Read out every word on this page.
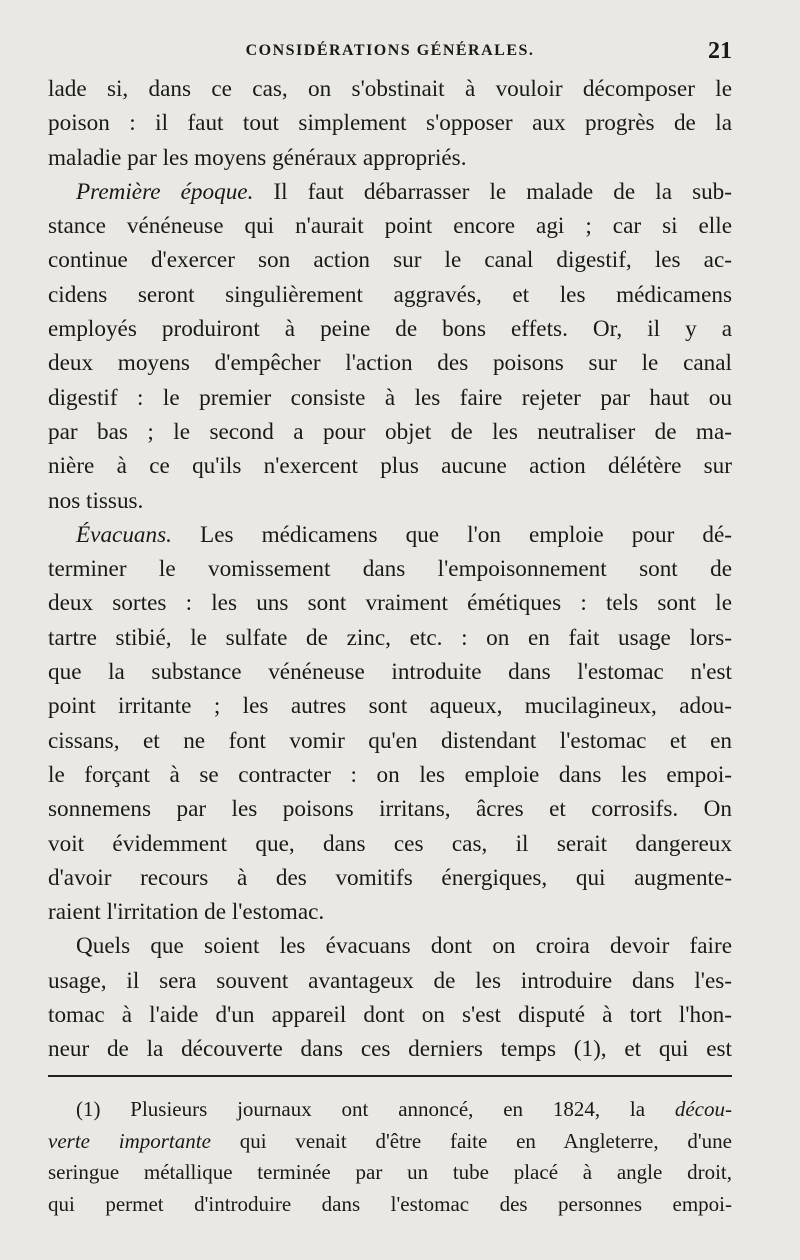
CONSIDÉRATIONS GÉNÉRALES.	21
lade si, dans ce cas, on s'obstinait à vouloir décomposer le
poison : il faut tout simplement s'opposer aux progrès de la
maladie par les moyens généraux appropriés.
Première époque. Il faut débarrasser le malade de la sub-
stance vénéneuse qui n'aurait point encore agi ; car si elle
continue d'exercer son action sur le canal digestif, les ac-
cidens seront singulièrement aggravés, et les médicamens
employés produiront à peine de bons effets. Or, il y a
deux moyens d'empêcher l'action des poisons sur le canal
digestif : le premier consiste à les faire rejeter par haut ou
par bas ; le second a pour objet de les neutraliser de ma-
nière à ce qu'ils n'exercent plus aucune action délétère sur
nos tissus.
Évacuans. Les médicamens que l'on emploie pour dé-
terminer le vomissement dans l'empoisonnement sont de
deux sortes : les uns sont vraiment émétiques : tels sont le
tartre stibié, le sulfate de zinc, etc. : on en fait usage lors-
que la substance vénéneuse introduite dans l'estomac n'est
point irritante ; les autres sont aqueux, mucilagineux, adou-
cissans, et ne font vomir qu'en distendant l'estomac et en
le forçant à se contracter : on les emploie dans les empoi-
sonnemens par les poisons irritans, âcres et corrosifs. On
voit évidemment que, dans ces cas, il serait dangereux
d'avoir recours à des vomitifs énergiques, qui augmente-
raient l'irritation de l'estomac.
Quels que soient les évacuans dont on croira devoir faire
usage, il sera souvent avantageux de les introduire dans l'es-
tomac à l'aide d'un appareil dont on s'est disputé à tort l'hon-
neur de la découverte dans ces derniers temps (1), et qui est
(1) Plusieurs journaux ont annoncé, en 1824, la décou-
verte importante qui venait d'être faite en Angleterre, d'une
seringue métallique terminée par un tube placé à angle droit,
qui permet d'introduire dans l'estomac des personnes empoi-
